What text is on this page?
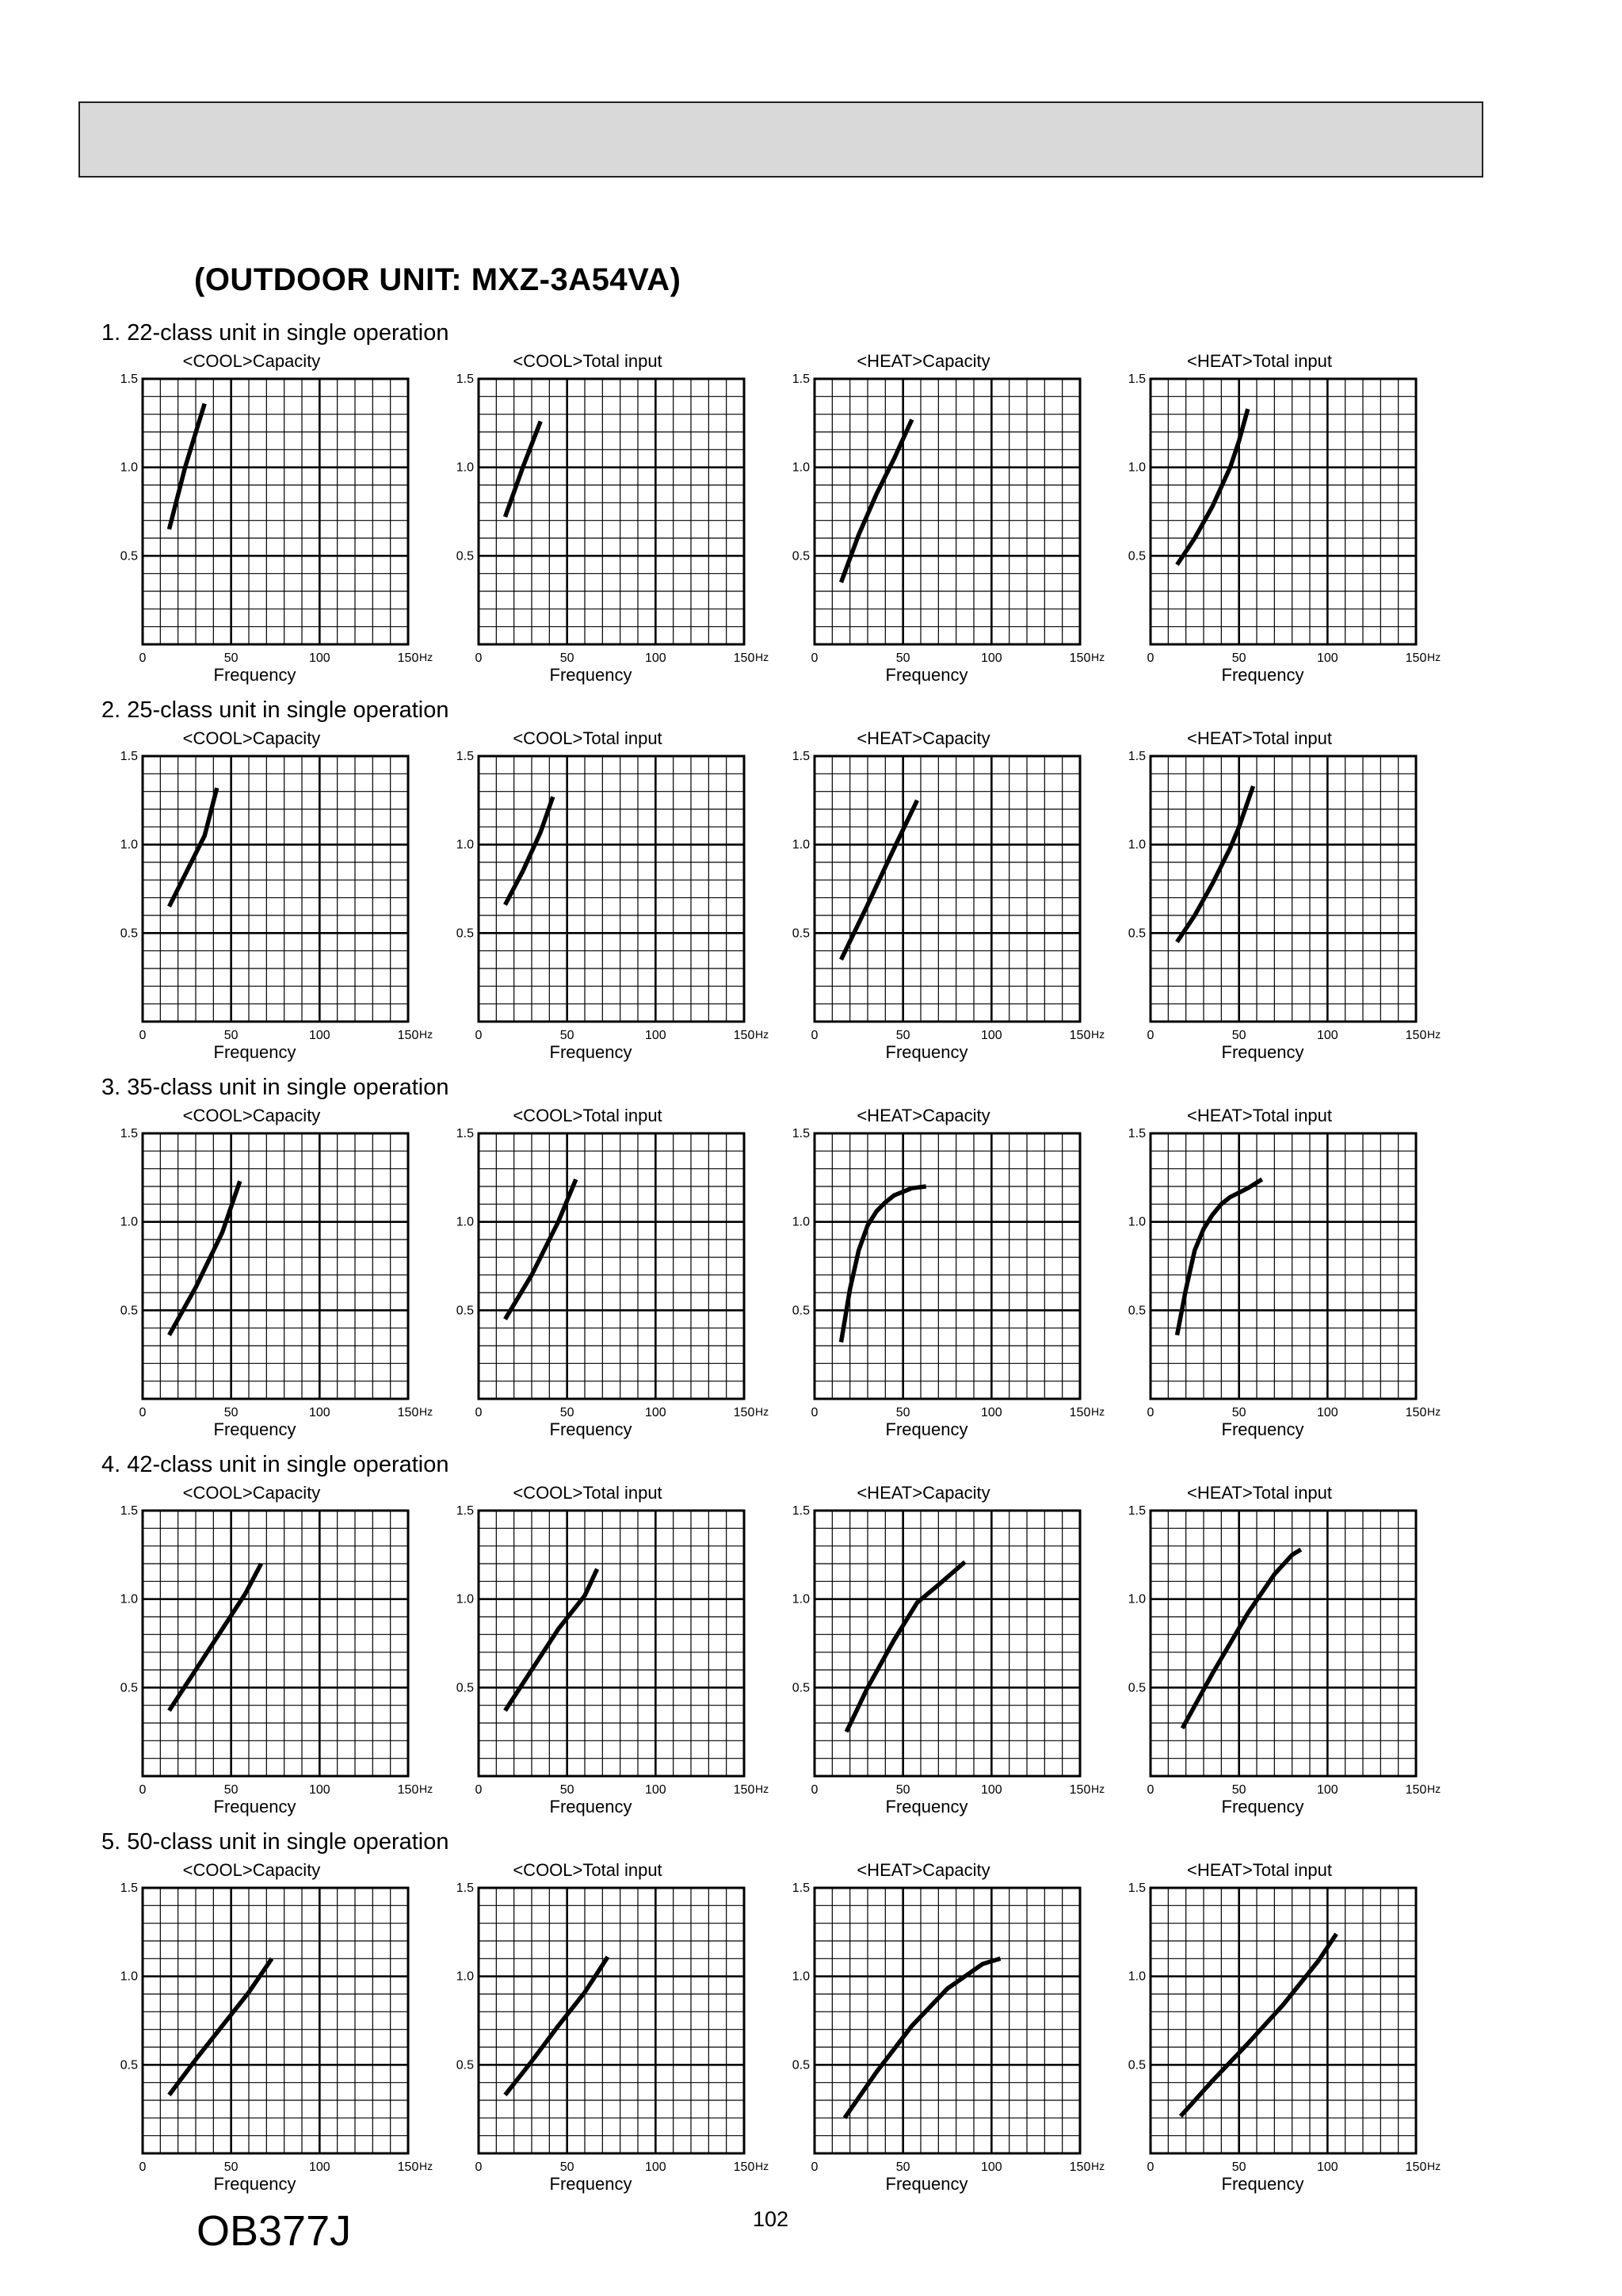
(OUTDOOR UNIT: MXZ-3A54VA)
1. 22-class unit in single operation
2. 25-class unit in single operation
3. 35-class unit in single operation
4. 42-class unit in single operation
5. 50-class unit in single operation
<COOL>Capacity
0.5
1.0
1.5
0	50	100	150 Hz
Frequency
<COOL>Total input
0.5
1.0
1.5
0	50	100	150 Hz
Frequency
<HEAT>Capacity
0.5
1.0
1.5
0	50	100	150 Hz
Frequency
<HEAT>Total input
0.5
1.0
1.5
0	50	100	150 Hz
Frequency
<COOL>Capacity
0.5
1.0
1.5
0	50	100	150 Hz
Frequency
<COOL>Total input
0.5
1.0
1.5
0	50	100	150 Hz
Frequency
<HEAT>Capacity
0.5
1.0
1.5
0	50	100	150 Hz
Frequency
<HEAT>Total input
0.5
1.0
1.5
0	50	100	150 Hz
Frequency
<COOL>Capacity
0.5
1.0
1.5
0	50	100	150 Hz
Frequency
<COOL>Total input
0.5
1.0
1.5
0	50	100	150 Hz
Frequency
<HEAT>Capacity
0.5
1.0
1.5
0	50	100	150 Hz
Frequency
<HEAT>Total input
0.5
1.0
1.5
0	50	100	150 Hz
Frequency
<COOL>Capacity
0.5
1.0
1.5
0	50	100	150 Hz
Frequency
<COOL>Total input
0.5
1.0
1.5
0	50	100	150 Hz
Frequency
<HEAT>Capacity
0.5
1.0
1.5
0	50	100	150 Hz
Frequency
<HEAT>Total input
0.5
1.0
1.5
0	50	100	150 Hz
Frequency
<COOL>Capacity
0.5
1.0
1.5
0	50	100	150 Hz
Frequency
<COOL>Total input
0.5
1.0
1.5
0	50	100	150 Hz
Frequency
<HEAT>Capacity
0.5
1.0
1.5
0	50	100	150 Hz
Frequency
<HEAT>Total input
0.5
1.0
1.5
0	50	100	150 Hz
Frequency
OB377J	102
